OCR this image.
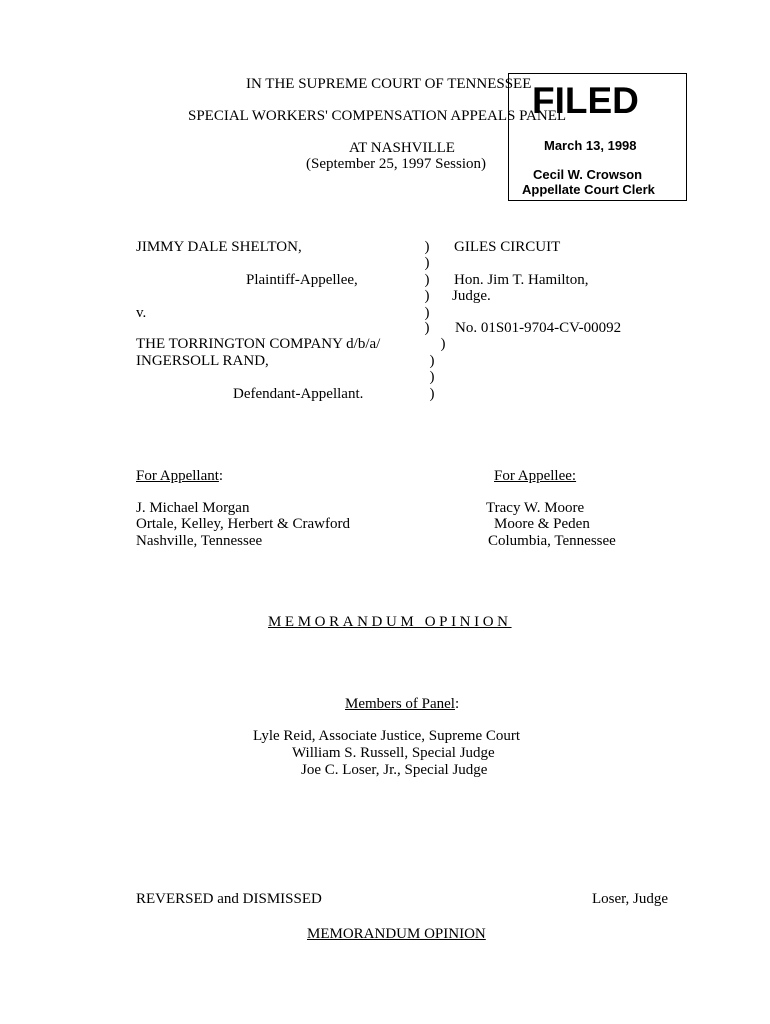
IN THE SUPREME COURT OF TENNESSEE
SPECIAL WORKERS' COMPENSATION APPEALS PANEL
AT NASHVILLE
(September 25, 1997 Session)
FILED
March 13, 1998
Cecil W. Crowson
Appellate Court Clerk
JIMMY DALE SHELTON,
Plaintiff-Appellee,
v.
THE TORRINGTON COMPANY d/b/a/
INGERSOLL RAND,
Defendant-Appellant.
)
)
)
)
)
)
)
)
)
)
GILES CIRCUIT
Hon. Jim T. Hamilton,
Judge.
No. 01S01-9704-CV-00092
For Appellant:
J. Michael Morgan
Ortale, Kelley, Herbert & Crawford
Nashville, Tennessee
For Appellee:
Tracy W. Moore
Moore & Peden
Columbia, Tennessee
MEMORANDUM OPINION
Members of Panel:
Lyle Reid, Associate Justice, Supreme Court
William S. Russell, Special Judge
Joe C. Loser, Jr., Special Judge
REVERSED and DISMISSED	Loser, Judge
MEMORANDUM OPINION
